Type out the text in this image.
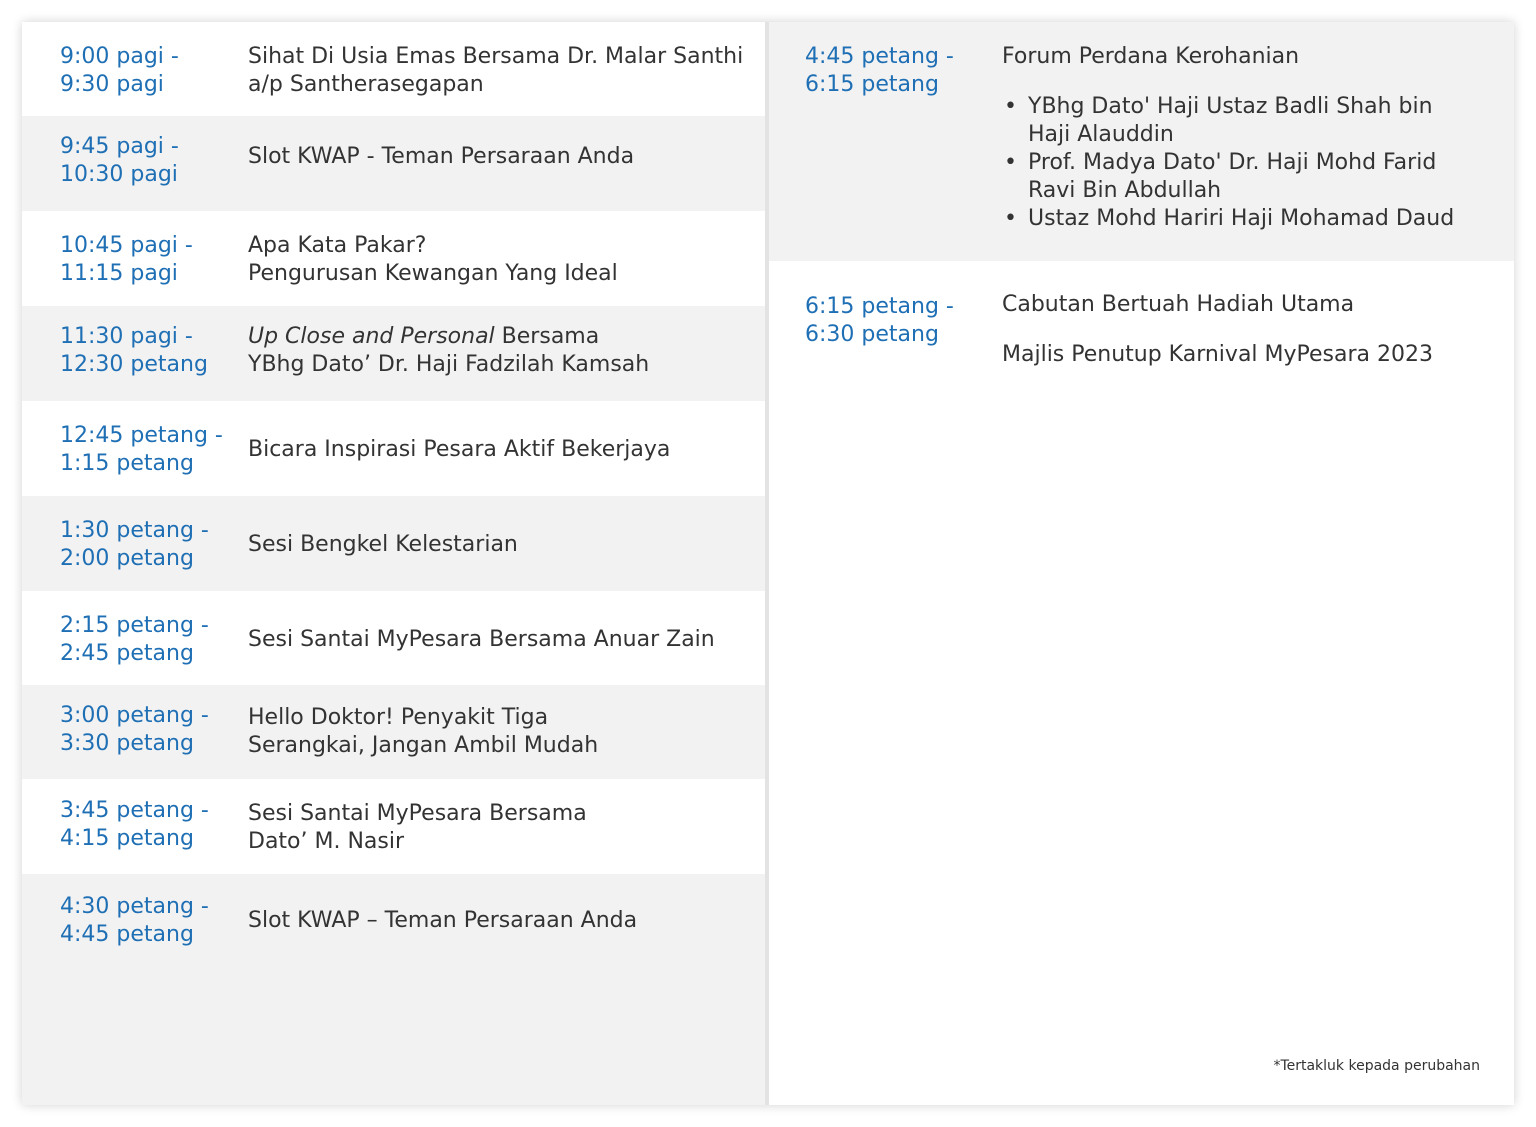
9:00 pagi -
9:30 pagi
Sihat Di Usia Emas Bersama Dr. Malar Santhi
a/p Santherasegapan
9:45 pagi -
10:30 pagi
Slot KWAP - Teman Persaraan Anda
10:45 pagi -
11:15 pagi
Apa Kata Pakar?
Pengurusan Kewangan Yang Ideal
11:30 pagi -
12:30 petang
Up Close and Personal Bersama
YBhg Dato’ Dr. Haji Fadzilah Kamsah
12:45 petang -
1:15 petang
Bicara Inspirasi Pesara Aktif Bekerjaya
1:30 petang -
2:00 petang
Sesi Bengkel Kelestarian
2:15 petang -
2:45 petang
Sesi Santai MyPesara Bersama Anuar Zain
3:00 petang -
3:30 petang
Hello Doktor! Penyakit Tiga
Serangkai, Jangan Ambil Mudah
3:45 petang -
4:15 petang
Sesi Santai MyPesara Bersama
Dato’ M. Nasir
4:30 petang -
4:45 petang
Slot KWAP – Teman Persaraan Anda
4:45 petang -
6:15 petang
Forum Perdana Kerohanian
• YBhg Dato' Haji Ustaz Badli Shah bin
Haji Alauddin
• Prof. Madya Dato' Dr. Haji Mohd Farid
Ravi Bin Abdullah
• Ustaz Mohd Hariri Haji Mohamad Daud
6:15 petang -
6:30 petang
Cabutan Bertuah Hadiah Utama
Majlis Penutup Karnival MyPesara 2023
*Tertakluk kepada perubahan
